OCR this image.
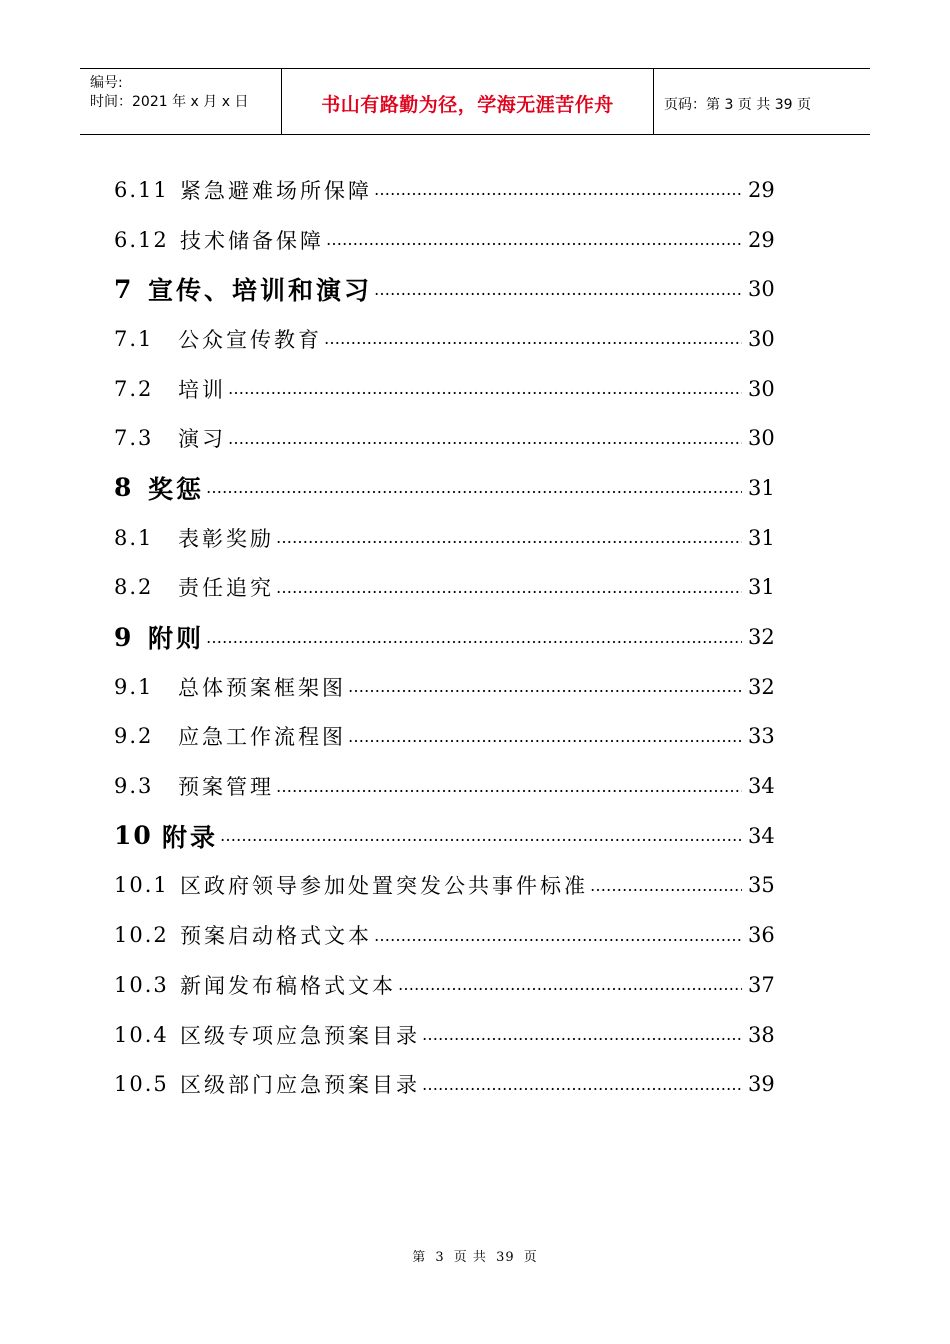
编号:
时间：2021 年 x 月 x 日	书山有路勤为径，学海无涯苦作舟	页码：第 3 页 共 39 页
6.11 紧急避难场所保障 …………………………………………………………………………………………………………………………	29
6.12 技术储备保障 …………………………………………………………………………………………………………………………	29
7 宣传、培训和演习 …………………………………………………………………………………………………………………………	30
7.1	公众宣传教育 …………………………………………………………………………………………………………………………	30
7.2	培训 …………………………………………………………………………………………………………………………	30
7.3	演习 …………………………………………………………………………………………………………………………	30
8 奖惩 …………………………………………………………………………………………………………………………	31
8.1	表彰奖励 …………………………………………………………………………………………………………………………	31
8.2	责任追究 …………………………………………………………………………………………………………………………	31
9 附则 …………………………………………………………………………………………………………………………	32
9.1	总体预案框架图 …………………………………………………………………………………………………………………………	32
9.2	应急工作流程图 …………………………………………………………………………………………………………………………	33
9.3	预案管理 …………………………………………………………………………………………………………………………	34
10 附录 …………………………………………………………………………………………………………………………	34
10.1 区政府领导参加处置突发公共事件标准 …………………………………………………………………………………………………………………………	35
10.2 预案启动格式文本 …………………………………………………………………………………………………………………………	36
10.3 新闻发布稿格式文本 …………………………………………………………………………………………………………………………	37
10.4 区级专项应急预案目录 …………………………………………………………………………………………………………………………	38
10.5 区级部门应急预案目录 …………………………………………………………………………………………………………………………	39
第 3 页 共 39 页
